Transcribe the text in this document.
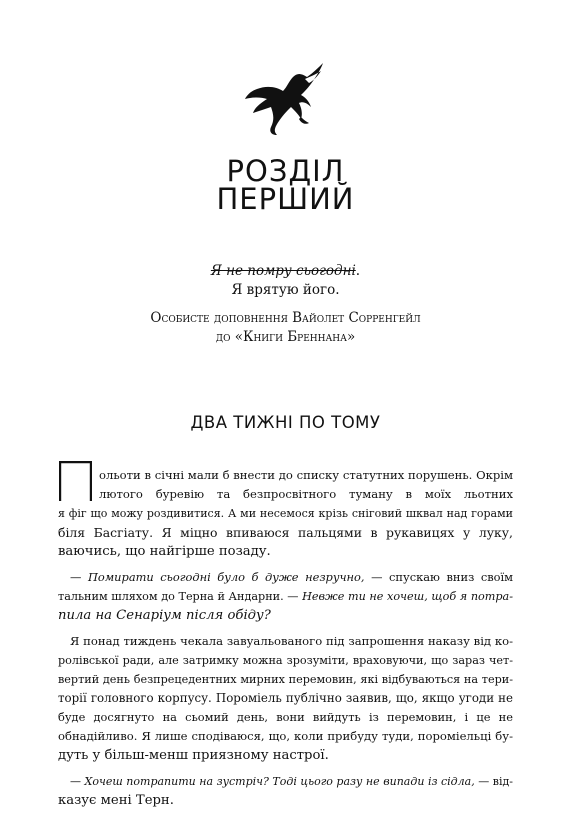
РОЗДІЛ
ПЕРШИЙ
Я не помру сьогодні.
Я врятую його.
Особисте доповнення Вайолет Сорренгейл
до «Книги Бреннана»
ДВА ТИЖНІ ПО ТОМУ
ольоти в січні мали б внести до списку статутних порушень. Окрім
лютого буревію та безпросвітного туману в моїх льотних
я фіг що можу роздивитися. А ми несемося крізь сніговий шквал над горами
біля Басгіату. Я міцно впиваюся пальцями в рукавицях у луку,
ваючись, що найгірше позаду.
— Помирати сьогодні було б дуже незручно, — спускаю вниз своїм
тальним шляхом до Терна й Андарни. — Невже ти не хочеш, щоб я потра-
пила на Сенаріум після обіду?
Я понад тиждень чекала завуальованого під запрошення наказу від ко-
ролівської ради, але затримку можна зрозуміти, враховуючи, що зараз чет-
вертий день безпрецедентних мирних перемовин, які відбуваються на тери-
торії головного корпусу. Пороміель публічно заявив, що, якщо угоди не
буде досягнуто на сьомий день, вони вийдуть із перемовин, і це не
обнадійливо. Я лише сподіваюся, що, коли прибуду туди, пороміельці бу-
дуть у більш-менш приязному настрої.
— Хочеш потрапити на зустріч? Тоді цього разу не випади із сідла, — від-
казує мені Терн.
